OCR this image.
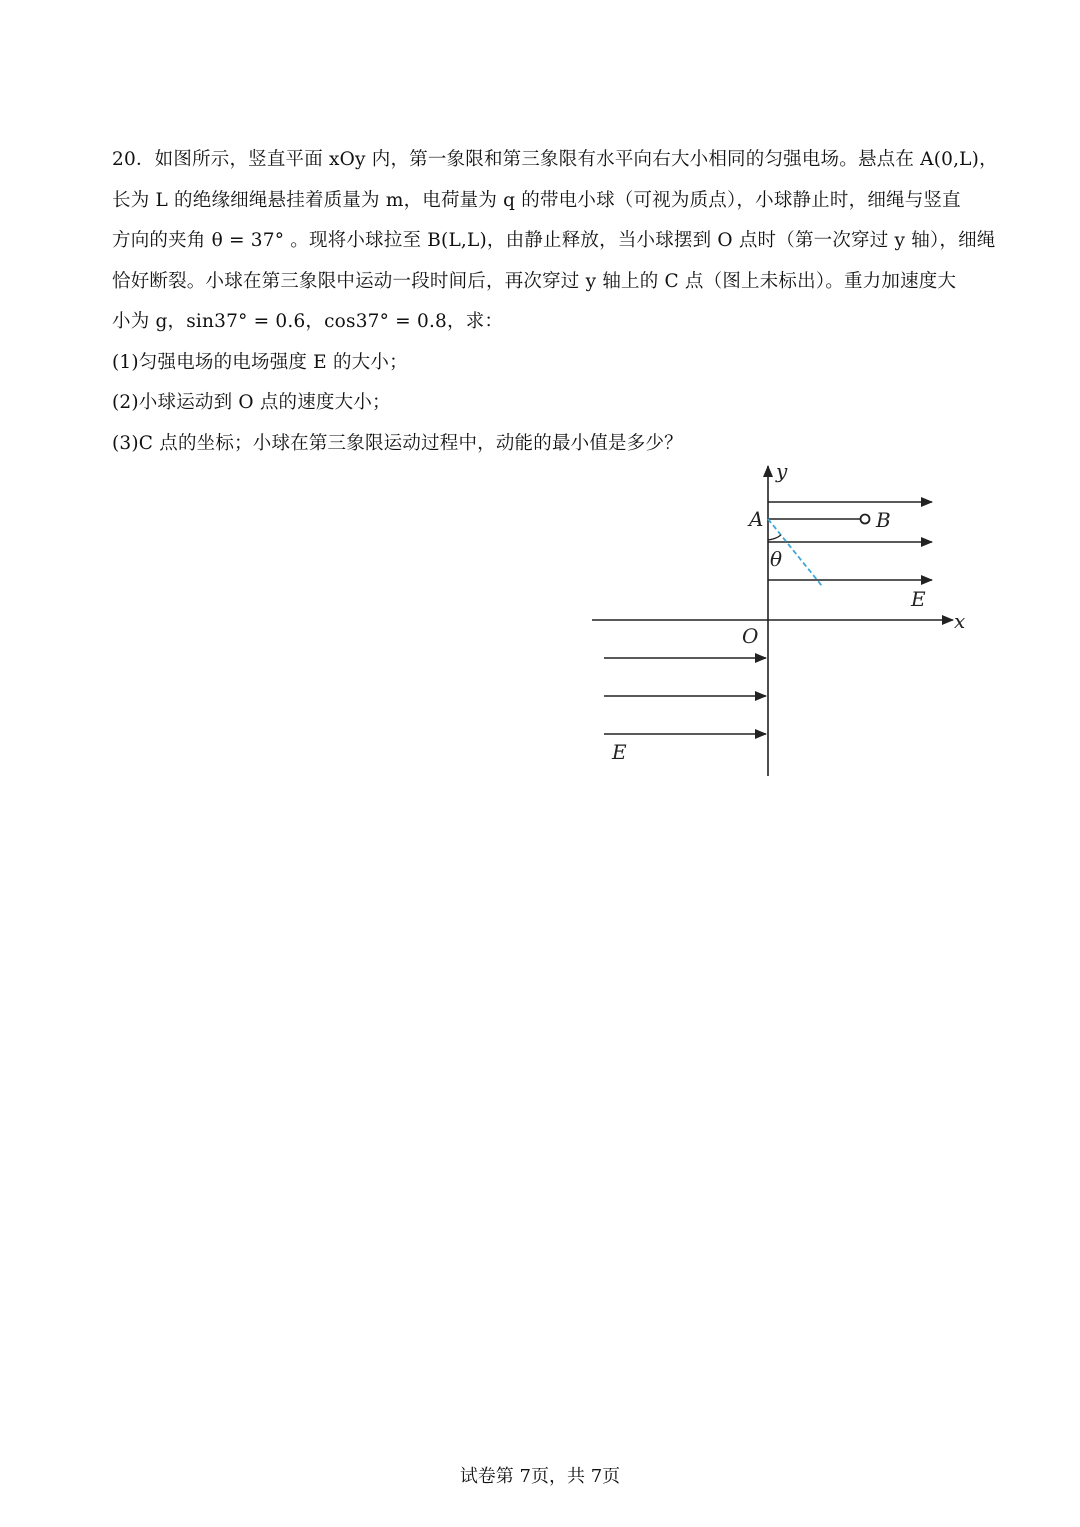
20．如图所示，竖直平面 xOy 内，第一象限和第三象限有水平向右大小相同的匀强电场。悬点在 A(0,L)，
长为 L 的绝缘细绳悬挂着质量为 m，电荷量为 q 的带电小球（可视为质点），小球静止时，细绳与竖直
方向的夹角 θ = 37° 。现将小球拉至 B(L,L)，由静止释放，当小球摆到 O 点时（第一次穿过 y 轴），细绳
恰好断裂。小球在第三象限中运动一段时间后，再次穿过 y 轴上的 C 点（图上未标出）。重力加速度大
小为 g，sin37° = 0.6，cos37° = 0.8，求：
(1)匀强电场的电场强度 E 的大小；
(2)小球运动到 O 点的速度大小；
(3)C 点的坐标；小球在第三象限运动过程中，动能的最小值是多少？
y
x
O
E
A	B
θ
E
试卷第 7页，共 7页
